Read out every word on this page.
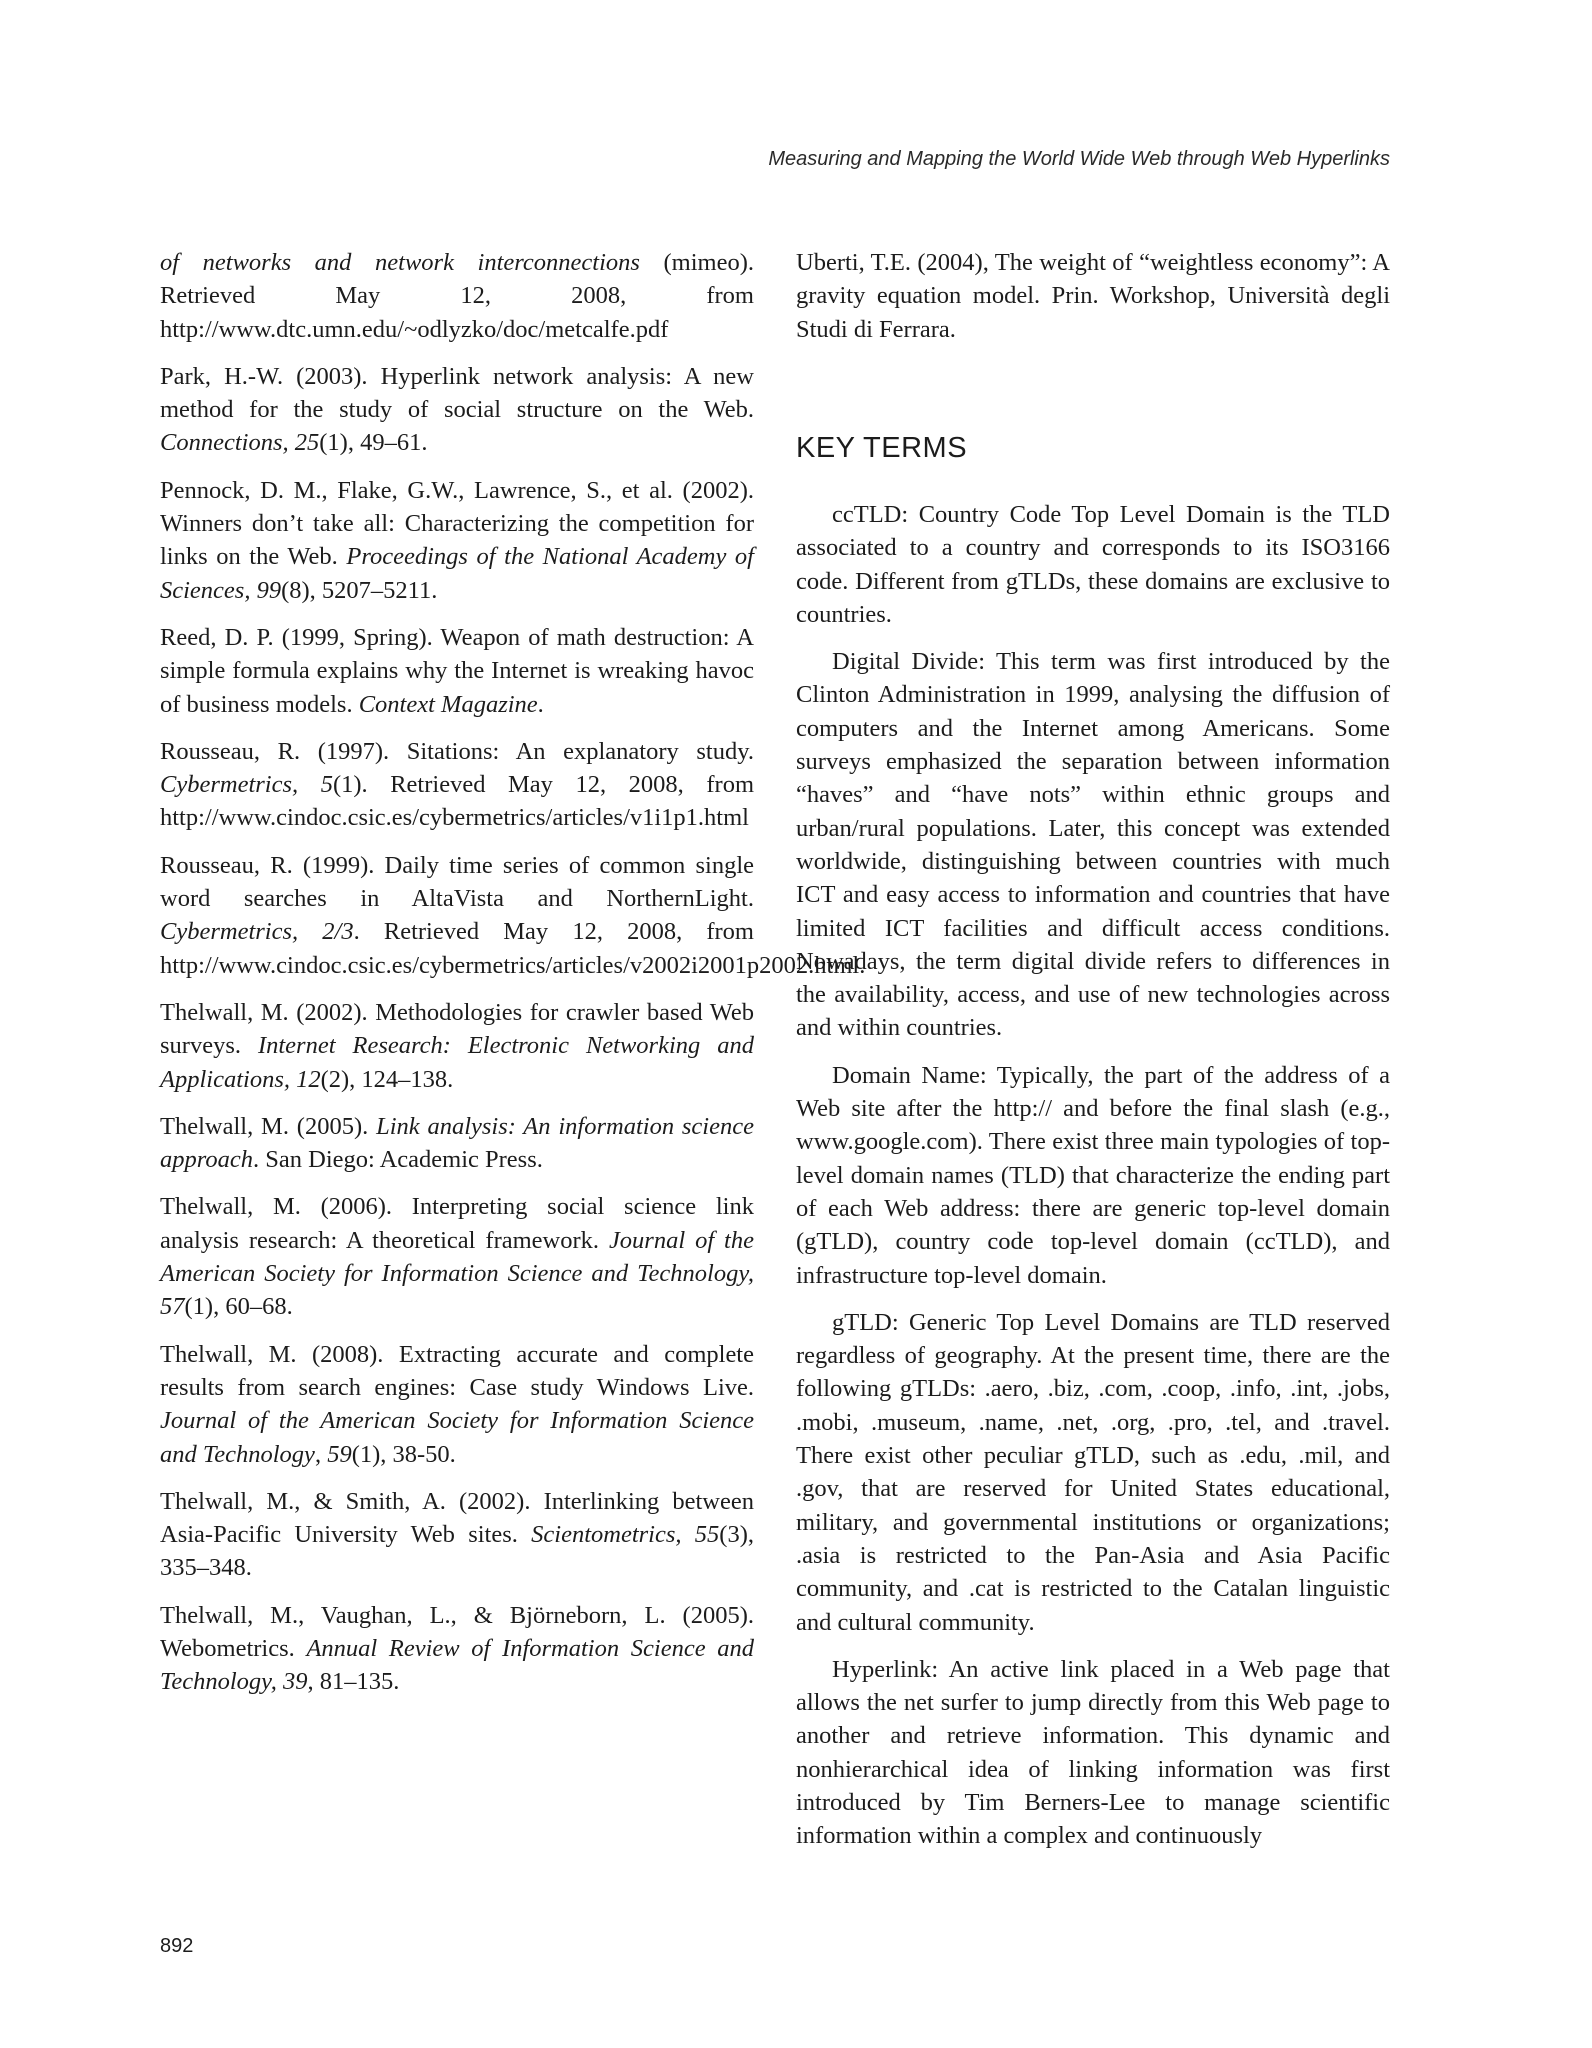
Measuring and Mapping the World Wide Web through Web Hyperlinks

of networks and network interconnections (mimeo). Retrieved May 12, 2008, from http://www.dtc.umn.edu/~odlyzko/doc/metcalfe.pdf

Park, H.-W. (2003). Hyperlink network analysis: A new method for the study of social structure on the Web. Connections, 25(1), 49–61.

Pennock, D. M., Flake, G.W., Lawrence, S., et al. (2002). Winners don’t take all: Characterizing the competition for links on the Web. Proceedings of the National Academy of Sciences, 99(8), 5207–5211.

Reed, D. P. (1999, Spring). Weapon of math destruction: A simple formula explains why the Internet is wreaking havoc of business models. Context Magazine.

Rousseau, R. (1997). Sitations: An explanatory study. Cybermetrics, 5(1). Retrieved May 12, 2008, from http://www.cindoc.csic.es/cybermetrics/articles/v1i1p1.html

Rousseau, R. (1999). Daily time series of common single word searches in AltaVista and NorthernLight. Cybermetrics, 2/3. Retrieved May 12, 2008, from http://www.cindoc.csic.es/cybermetrics/articles/v2002i2001p2002.html.

Thelwall, M. (2002). Methodologies for crawler based Web surveys. Internet Research: Electronic Networking and Applications, 12(2), 124–138.

Thelwall, M. (2005). Link analysis: An information science approach. San Diego: Academic Press.

Thelwall, M. (2006). Interpreting social science link analysis research: A theoretical framework. Journal of the American Society for Information Science and Technology, 57(1), 60–68.

Thelwall, M. (2008). Extracting accurate and complete results from search engines: Case study Windows Live. Journal of the American Society for Information Science and Technology, 59(1), 38-50.

Thelwall, M., & Smith, A. (2002). Interlinking between Asia-Pacific University Web sites. Scientometrics, 55(3), 335–348.

Thelwall, M., Vaughan, L., & Björneborn, L. (2005). Webometrics. Annual Review of Information Science and Technology, 39, 81–135.

Uberti, T.E. (2004), The weight of “weightless economy”: A gravity equation model. Prin. Workshop, Università degli Studi di Ferrara.

KEY TERMS

ccTLD: Country Code Top Level Domain is the TLD associated to a country and corresponds to its ISO3166 code. Different from gTLDs, these domains are exclusive to countries.

Digital Divide: This term was first introduced by the Clinton Administration in 1999, analysing the diffusion of computers and the Internet among Americans. Some surveys emphasized the separation between information “haves” and “have nots” within ethnic groups and urban/rural populations. Later, this concept was extended worldwide, distinguishing between countries with much ICT and easy access to information and countries that have limited ICT facilities and difficult access conditions. Nowadays, the term digital divide refers to differences in the availability, access, and use of new technologies across and within countries.

Domain Name: Typically, the part of the address of a Web site after the http:// and before the final slash (e.g., www.google.com). There exist three main typologies of top-level domain names (TLD) that characterize the ending part of each Web address: there are generic top-level domain (gTLD), country code top-level domain (ccTLD), and infrastructure top-level domain.

gTLD: Generic Top Level Domains are TLD reserved regardless of geography. At the present time, there are the following gTLDs: .aero, .biz, .com, .coop, .info, .int, .jobs, .mobi, .museum, .name, .net, .org, .pro, .tel, and .travel. There exist other peculiar gTLD, such as .edu, .mil, and .gov, that are reserved for United States educational, military, and governmental institutions or organizations; .asia is restricted to the Pan-Asia and Asia Pacific community, and .cat is restricted to the Catalan linguistic and cultural community.

Hyperlink: An active link placed in a Web page that allows the net surfer to jump directly from this Web page to another and retrieve information. This dynamic and nonhierarchical idea of linking information was first introduced by Tim Berners-Lee to manage scientific information within a complex and continuously

892
